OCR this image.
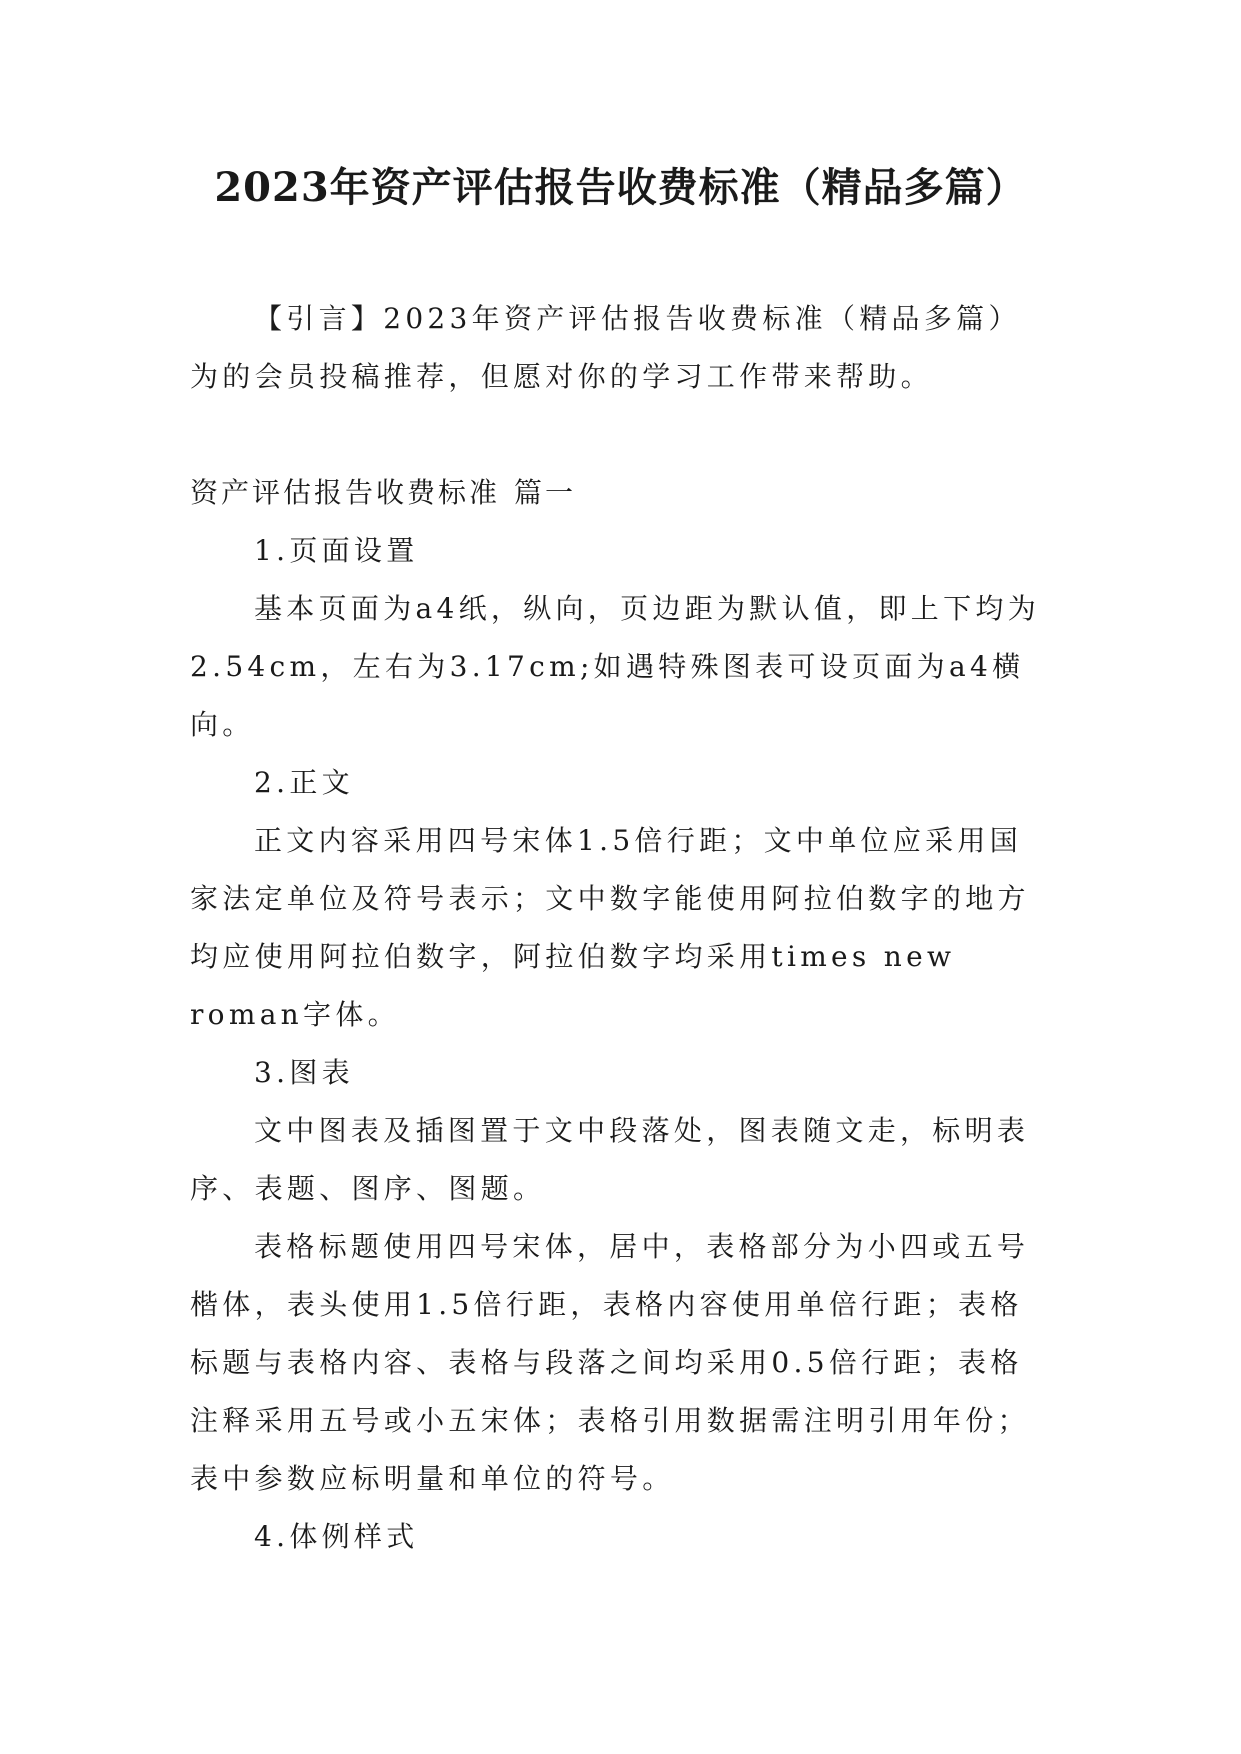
2023年资产评估报告收费标准（精品多篇）

【引言】2023年资产评估报告收费标准（精品多篇）为的会员投稿推荐，但愿对你的学习工作带来帮助。

资产评估报告收费标准 篇一

1.页面设置

基本页面为a4纸，纵向，页边距为默认值，即上下均为2.54cm，左右为3.17cm;如遇特殊图表可设页面为a4横向。

2.正文

正文内容采用四号宋体1.5倍行距；文中单位应采用国家法定单位及符号表示；文中数字能使用阿拉伯数字的地方均应使用阿拉伯数字，阿拉伯数字均采用times new roman字体。

3.图表

文中图表及插图置于文中段落处，图表随文走，标明表序、表题、图序、图题。

表格标题使用四号宋体，居中，表格部分为小四或五号楷体，表头使用1.5倍行距，表格内容使用单倍行距；表格标题与表格内容、表格与段落之间均采用0.5倍行距；表格注释采用五号或小五宋体；表格引用数据需注明引用年份；表中参数应标明量和单位的符号。

4.体例样式
